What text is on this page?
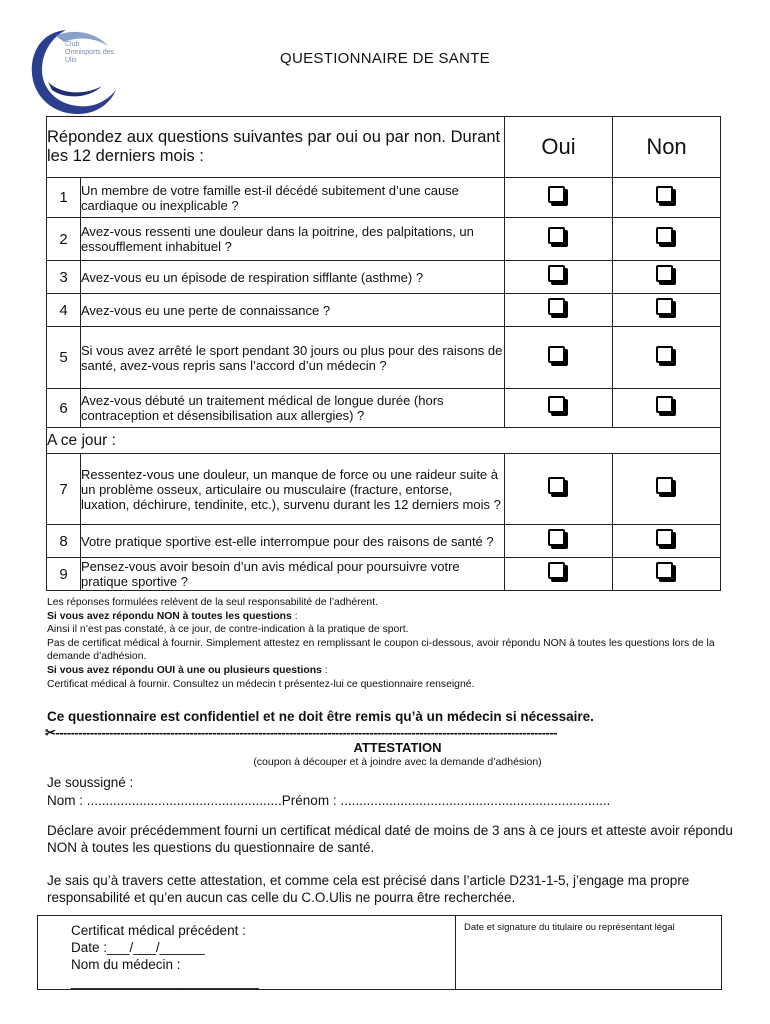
Club
Omnisports des
Ulis	QUESTIONNAIRE DE SANTE
Répondez aux questions suivantes par oui ou par non. Durant les 12 derniers mois :		Oui	Non
1	Un membre de votre famille est-il décédé subitement d’une cause cardiaque ou inexplicable ?		
2	Avez-vous ressenti une douleur dans la poitrine, des palpitations, un essoufflement inhabituel ?		
3	Avez-vous eu un épisode de respiration sifflante (asthme) ?		
4	Avez-vous eu une perte de connaissance ?		
5	Si vous avez arrêté le sport pendant 30 jours ou plus pour des raisons de santé, avez-vous repris sans l’accord d’un médecin ?		
6	Avez-vous débuté un traitement médical de longue durée (hors contraception et désensibilisation aux allergies) ?		
A ce jour :			
7	Ressentez-vous une douleur, un manque de force ou une raideur suite à un problème osseux, articulaire ou musculaire (fracture, entorse, luxation, déchirure, tendinite, etc.), survenu durant les 12 derniers mois ?		
8	Votre pratique sportive est-elle interrompue pour des raisons de santé ?		
9	Pensez-vous avoir besoin d’un avis médical pour poursuivre votre pratique sportive ?		
Les réponses formulées relèvent de la seul responsabilité de l’adhérent.
Si vous avez répondu NON à toutes les questions :
Ainsi il n’est pas constaté, à ce jour, de contre-indication à la pratique de sport.
Pas de certificat médical à fournir. Simplement attestez en remplissant le coupon ci-dessous, avoir répondu NON à toutes les questions lors de la demande d’adhésion.
Si vous avez répondu OUI à une ou plusieurs questions :
Certificat médical à fournir. Consultez un médecin t présentez-lui ce questionnaire renseigné.
Ce questionnaire est confidentiel et ne doit être remis qu’à un médecin si nécessaire.
✂-----------------------------------------------------------------------------------------------------------------------------------
ATTESTATION
(coupon à découper et à joindre avec la demande d’adhésion)
Je soussigné :
Nom : ....................................................Prénom : ........................................................................
Déclare avoir précédemment fourni un certificat médical daté de moins de 3 ans à ce jours et atteste avoir répondu NON à toutes les questions du questionnaire de santé.
Je sais qu’à travers cette attestation, et comme cela est précisé dans l’article D231-1-5, j’engage ma propre responsabilité et qu’en aucun cas celle du C.O.Ulis ne pourra être recherchée.
Certificat médical précédent :
Date :___/___/______
Nom du médecin :
_________________________
Date et signature du titulaire ou représentant légal
